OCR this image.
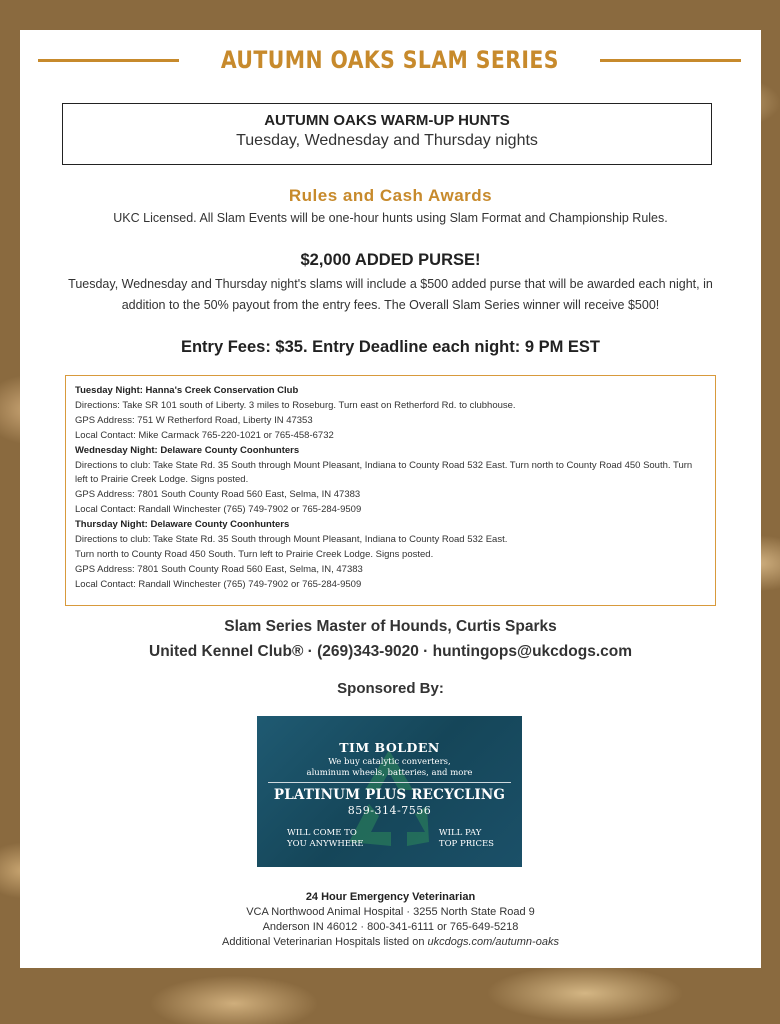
AUTUMN OAKS SLAM SERIES
AUTUMN OAKS WARM-UP HUNTS
Tuesday, Wednesday and Thursday nights
Rules and Cash Awards
UKC Licensed. All Slam Events will be one-hour hunts using Slam Format and Championship Rules.
$2,000 ADDED PURSE!
Tuesday, Wednesday and Thursday night's slams will include a $500 added purse that will be awarded each night, in addition to the 50% payout from the entry fees. The Overall Slam Series winner will receive $500!
Entry Fees: $35. Entry Deadline each night: 9 PM EST
Tuesday Night: Hanna's Creek Conservation Club
Directions: Take SR 101 south of Liberty. 3 miles to Roseburg. Turn east on Retherford Rd. to clubhouse.
GPS Address: 751 W Retherford Road, Liberty IN 47353
Local Contact: Mike Carmack 765-220-1021 or 765-458-6732
Wednesday Night: Delaware County Coonhunters
Directions to club: Take State Rd. 35 South through Mount Pleasant, Indiana to County Road 532 East. Turn north to County Road 450 South. Turn left to Prairie Creek Lodge. Signs posted.
GPS Address: 7801 South County Road 560 East, Selma, IN 47383
Local Contact: Randall Winchester (765) 749-7902 or 765-284-9509
Thursday Night: Delaware County Coonhunters
Directions to club: Take State Rd. 35 South through Mount Pleasant, Indiana to County Road 532 East.
Turn north to County Road 450 South. Turn left to Prairie Creek Lodge. Signs posted.
GPS Address: 7801 South County Road 560 East, Selma, IN, 47383
Local Contact: Randall Winchester (765) 749-7902 or 765-284-9509
Slam Series Master of Hounds, Curtis Sparks
United Kennel Club® · (269)343-9020 · huntingops@ukcdogs.com
Sponsored By:
TIM BOLDEN
We buy catalytic converters,
aluminum wheels, batteries, and more
PLATINUM PLUS RECYCLING
859-314-7556
WILL COME TO
YOU ANYWHERE
WILL PAY
TOP PRICES
24 Hour Emergency Veterinarian
VCA Northwood Animal Hospital · 3255 North State Road 9
Anderson IN 46012 · 800-341-6111 or 765-649-5218
Additional Veterinarian Hospitals listed on ukcdogs.com/autumn-oaks
